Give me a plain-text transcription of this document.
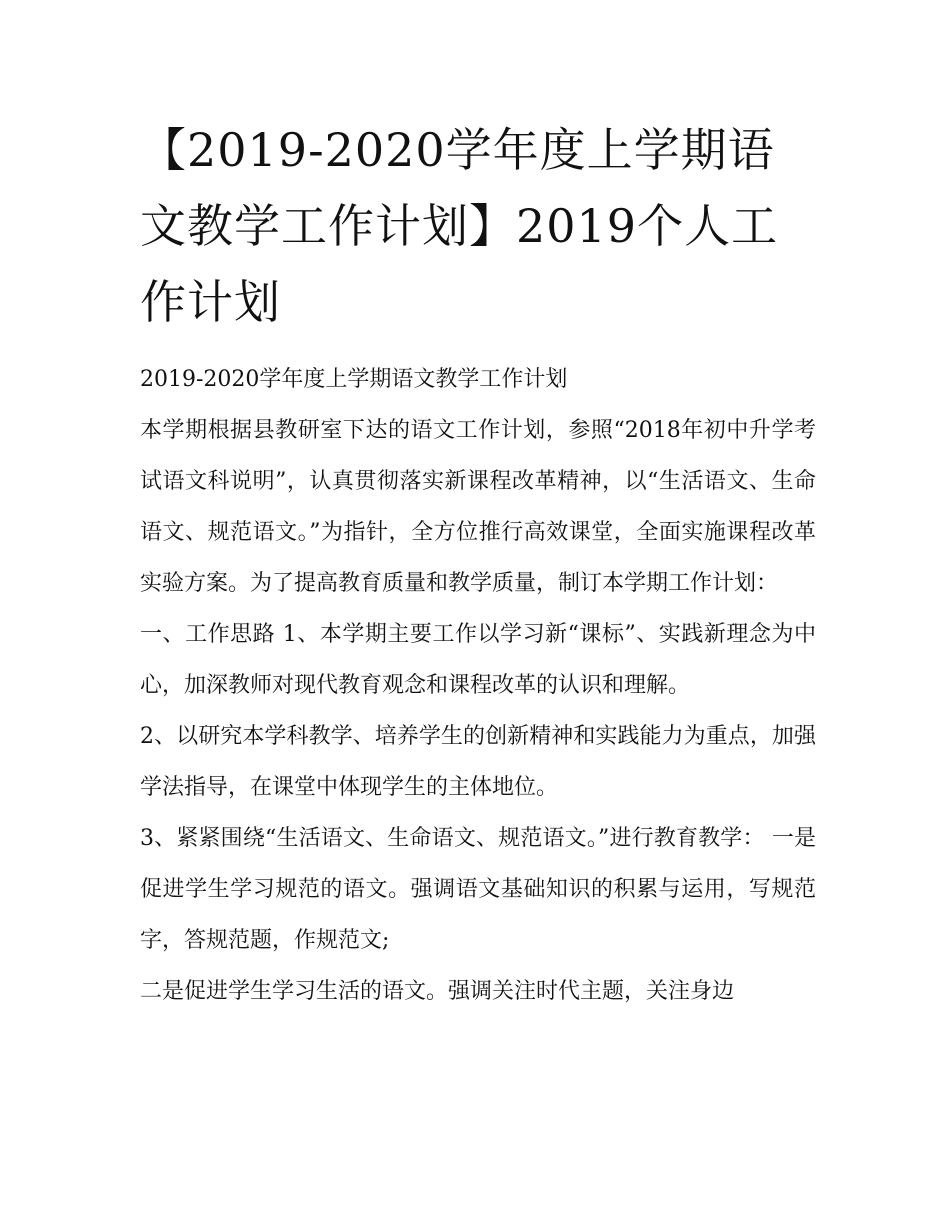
【2019-2020学年度上学期语文教学工作计划】2019个人工作计划

2019-2020学年度上学期语文教学工作计划

本学期根据县教研室下达的语文工作计划，参照“2018年初中升学考试语文科说明”，认真贯彻落实新课程改革精神，以“生活语文、生命语文、规范语文。”为指针，全方位推行高效课堂，全面实施课程改革实验方案。为了提高教育质量和教学质量，制订本学期工作计划：

一、工作思路 1、本学期主要工作以学习新“课标”、实践新理念为中心，加深教师对现代教育观念和课程改革的认识和理解。

2、以研究本学科教学、培养学生的创新精神和实践能力为重点，加强学法指导，在课堂中体现学生的主体地位。

3、紧紧围绕“生活语文、生命语文、规范语文。”进行教育教学： 一是促进学生学习规范的语文。强调语文基础知识的积累与运用，写规范字，答规范题，作规范文;

二是促进学生学习生活的语文。强调关注时代主题，关注身边
